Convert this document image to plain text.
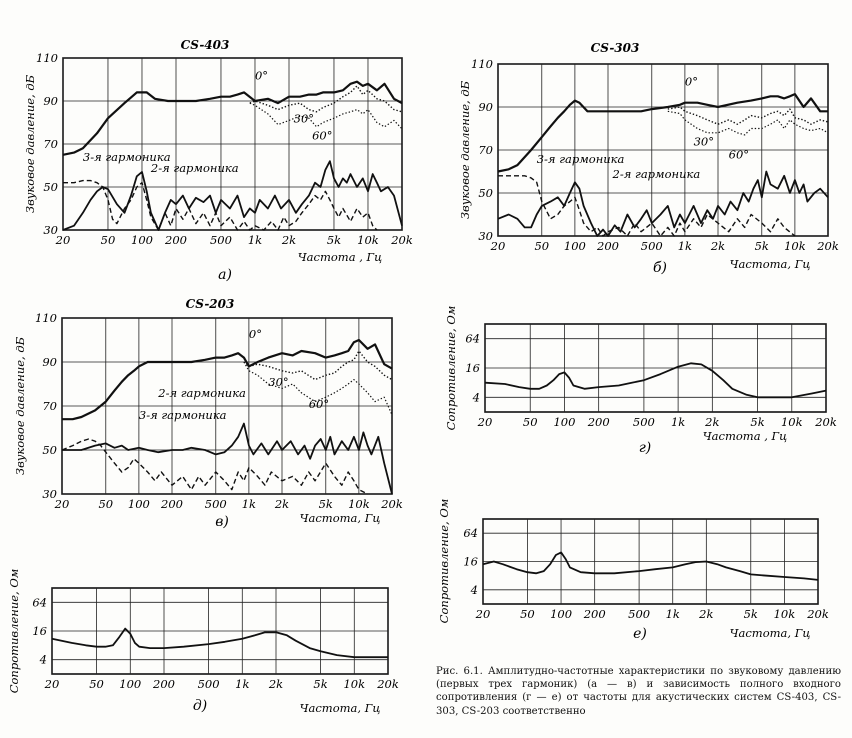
20	50 100 200 500 1k 2k	5k 10k 20k
30
50
70
90
110
0°
30°
60°
3-я гармоника
2-я гармоника
CS-403
Частота , Гц
Звуковое давление, дБ
а)
20	50 100 200 500 1k 2k	5k 10k 20k
30
50
70
90
110
0°
30°
60°
3-я гармоника
2-я гармоника
CS-303
Частота, Гц
Звуковое давление, дБ
б)
20	50 100 200 500 1k 2k	5k 10k 20k
30
50
70
90
110
0°
2-я гармоника
3-я гармоника
30°
60°
CS-203
Частота, Гц
Звуковое давление, дБ
в)
20	50 100 200 500 1k 2k	5k 10k 20k
4
16
64
Частота , Гц
Сопротивление, Ом
г)
20	50 100 200 500 1k 2k	5k 10k 20k
4
16
64
Частота, Гц
Сопротивление, Ом
д)
20	50 100 200 500 1k 2k	5k 10k 20k
4
16
64
Частота, Гц
Сопротивление, Ом
е)

Рис. 6.1. Амплитудно-частотные характеристики по звуковому давлению (первых трех гармоник) (а — в) и зависимость полного входного сопротивления (г — е) от частоты для акустических систем CS-403, CS-303, CS-203 соответственно
